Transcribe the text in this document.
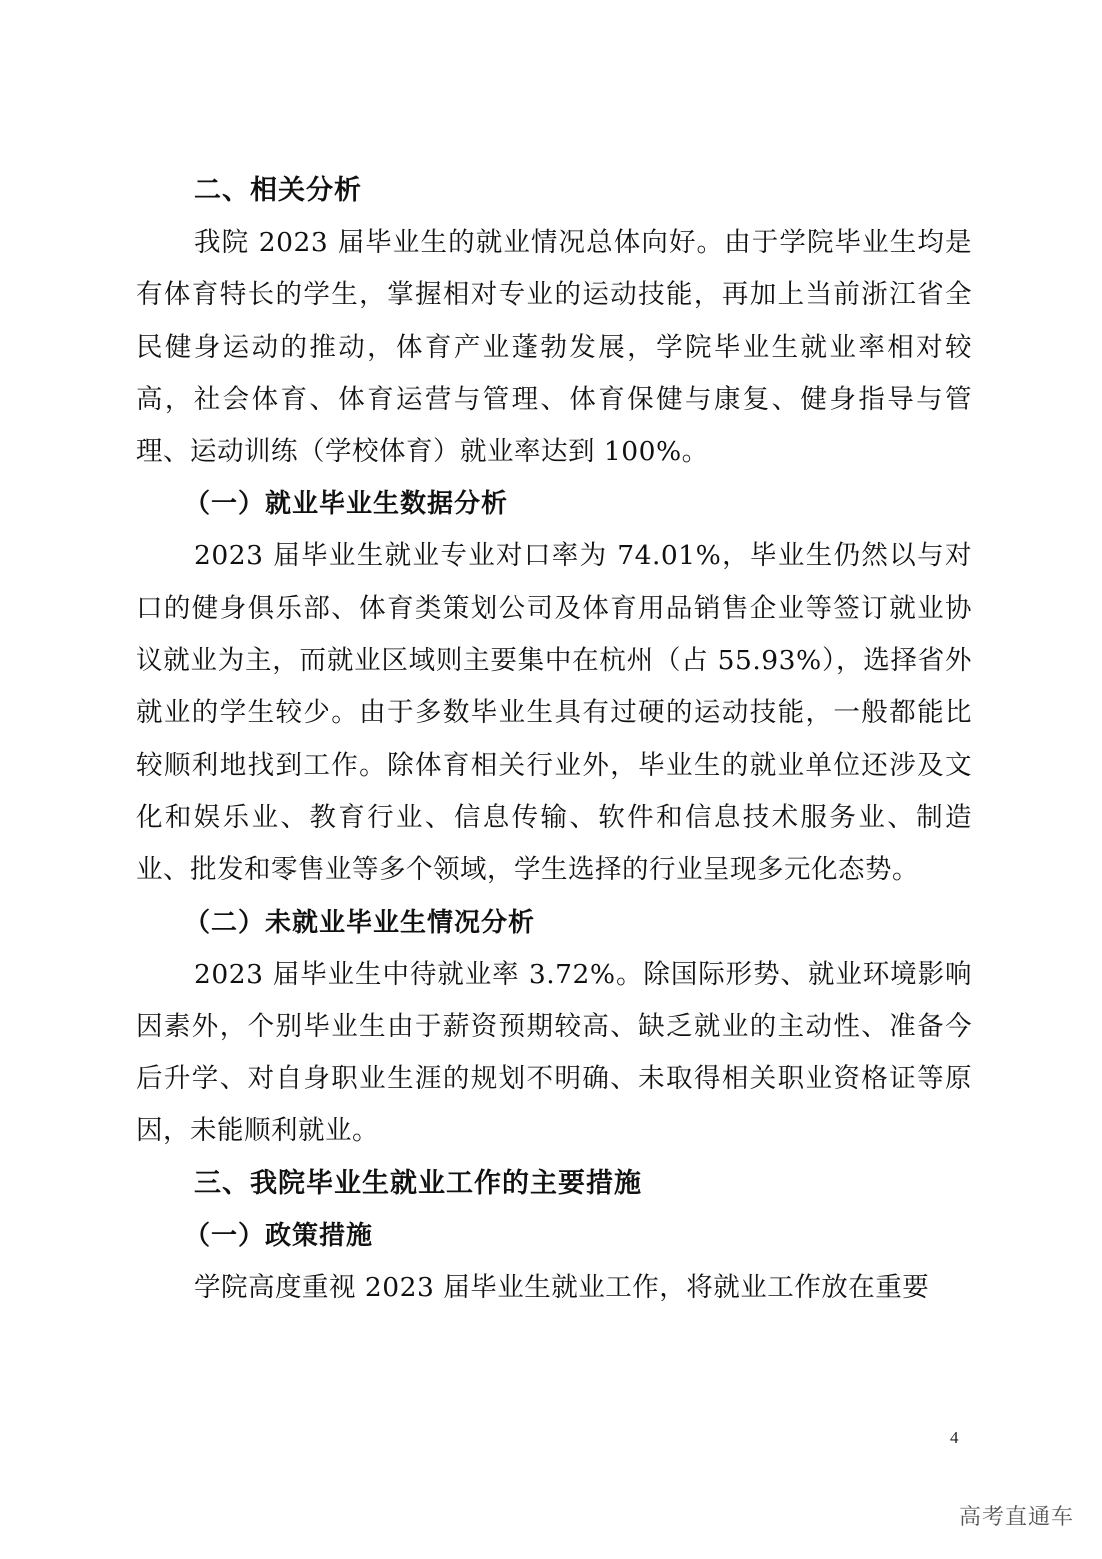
二、相关分析

我院 2023 届毕业生的就业情况总体向好。由于学院毕业生均是有体育特长的学生，掌握相对专业的运动技能，再加上当前浙江省全民健身运动的推动，体育产业蓬勃发展，学院毕业生就业率相对较高，社会体育、体育运营与管理、体育保健与康复、健身指导与管理、运动训练（学校体育）就业率达到 100%。

（一）就业毕业生数据分析

2023 届毕业生就业专业对口率为 74.01%，毕业生仍然以与对口的健身俱乐部、体育类策划公司及体育用品销售企业等签订就业协议就业为主，而就业区域则主要集中在杭州（占 55.93%），选择省外就业的学生较少。由于多数毕业生具有过硬的运动技能，一般都能比较顺利地找到工作。除体育相关行业外，毕业生的就业单位还涉及文化和娱乐业、教育行业、信息传输、软件和信息技术服务业、制造业、批发和零售业等多个领域，学生选择的行业呈现多元化态势。

（二）未就业毕业生情况分析

2023 届毕业生中待就业率 3.72%。除国际形势、就业环境影响因素外，个别毕业生由于薪资预期较高、缺乏就业的主动性、准备今后升学、对自身职业生涯的规划不明确、未取得相关职业资格证等原因，未能顺利就业。

三、我院毕业生就业工作的主要措施
（一）政策措施

学院高度重视 2023 届毕业生就业工作，将就业工作放在重要

4
高考直通车
